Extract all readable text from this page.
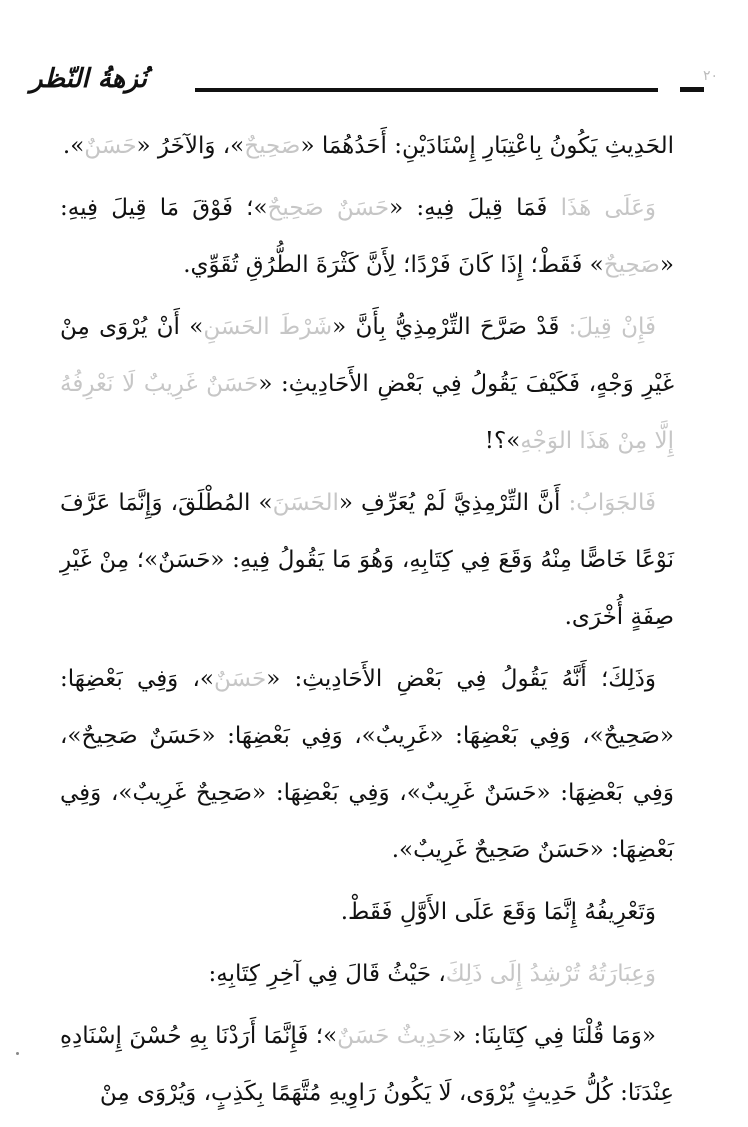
نُزهةُ النّظر	٢٠

الحَدِيثِ يَكُونُ بِاعْتِبَارِ إِسْنَادَيْنِ: أَحَدُهُمَا «صَحِيحٌ»، وَالآخَرُ «حَسَنٌ».

وَعَلَى هَذَا فَمَا قِيلَ فِيهِ: «حَسَنٌ صَحِيحٌ»؛ فَوْقَ مَا قِيلَ فِيهِ: «صَحِيحٌ» فَقَطْ؛ إِذَا كَانَ فَرْدًا؛ لِأَنَّ كَثْرَةَ الطُّرُقِ تُقَوِّي.

فَإِنْ قِيلَ: قَدْ صَرَّحَ التِّرْمِذِيُّ بِأَنَّ «شَرْطَ الحَسَنِ» أَنْ يُرْوَى مِنْ غَيْرِ وَجْهٍ، فَكَيْفَ يَقُولُ فِي بَعْضِ الأَحَادِيثِ: «حَسَنٌ غَرِيبٌ لَا نَعْرِفُهُ إِلَّا مِنْ هَذَا الوَجْهِ»؟!

فَالجَوَابُ: أَنَّ التِّرْمِذِيَّ لَمْ يُعَرِّفِ «الحَسَنَ» المُطْلَقَ، وَإِنَّمَا عَرَّفَ نَوْعًا خَاصًّا مِنْهُ وَقَعَ فِي كِتَابِهِ، وَهُوَ مَا يَقُولُ فِيهِ: «حَسَنٌ»؛ مِنْ غَيْرِ صِفَةٍ أُخْرَى.

وَذَلِكَ؛ أَنَّهُ يَقُولُ فِي بَعْضِ الأَحَادِيثِ: «حَسَنٌ»، وَفِي بَعْضِهَا: «صَحِيحٌ»، وَفِي بَعْضِهَا: «غَرِيبٌ»، وَفِي بَعْضِهَا: «حَسَنٌ صَحِيحٌ»، وَفِي بَعْضِهَا: «حَسَنٌ غَرِيبٌ»، وَفِي بَعْضِهَا: «صَحِيحٌ غَرِيبٌ»، وَفِي بَعْضِهَا: «حَسَنٌ صَحِيحٌ غَرِيبٌ».

وَتَعْرِيفُهُ إِنَّمَا وَقَعَ عَلَى الأَوَّلِ فَقَطْ.

وَعِبَارَتُهُ تُرْشِدُ إِلَى ذَلِكَ، حَيْثُ قَالَ فِي آخِرِ كِتَابِهِ:

«وَمَا قُلْنَا فِي كِتَابِنَا: «حَدِيثٌ حَسَنٌ»؛ فَإِنَّمَا أَرَدْنَا بِهِ حُسْنَ إِسْنَادِهِ عِنْدَنَا: كُلُّ حَدِيثٍ يُرْوَى، لَا يَكُونُ رَاوِيهِ مُتَّهَمًا بِكَذِبٍ، وَيُرْوَى مِنْ
